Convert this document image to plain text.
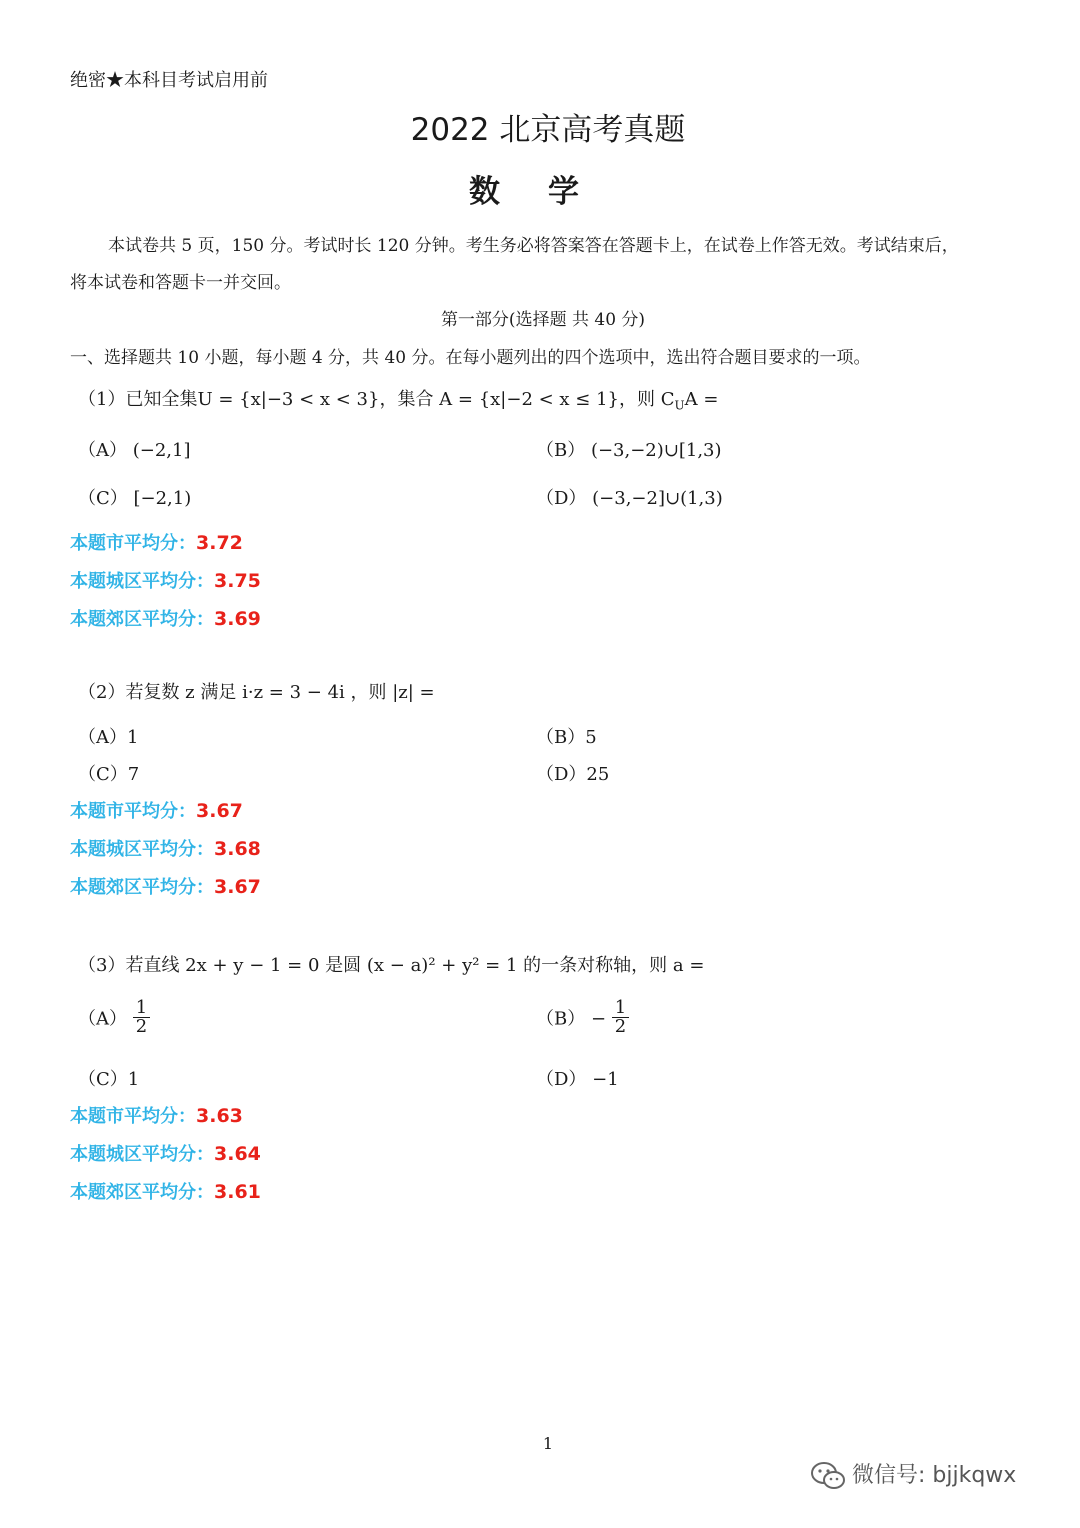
绝密★本科目考试启用前
2022 北京高考真题
数学
本试卷共 5 页，150 分。考试时长 120 分钟。考生务必将答案答在答题卡上，在试卷上作答无效。考试结束后，
将本试卷和答题卡一并交回。
第一部分(选择题 共 40 分)
一、选择题共 10 小题，每小题 4 分，共 40 分。在每小题列出的四个选项中，选出符合题目要求的一项。
（1）已知全集U = {x|−3 < x < 3}，集合 A = {x|−2 < x ≤ 1}，则 $C_UA$ =
（A） (−2,1]	（B） (−3,−2)∪[1,3)
（C） [−2,1)	（D） (−3,−2]∪(1,3)
本题市平均分：3.72
本题城区平均分：3.75
本题郊区平均分：3.69
（2）若复数 z 满足 i·z = 3 − 4i ，则 |z| =
（A）1	（B）5
（C）7	（D）25
本题市平均分：3.67
本题城区平均分：3.68
本题郊区平均分：3.67
（3）若直线 2x + y − 1 = 0 是圆 (x − a)² + y² = 1 的一条对称轴，则 a =
$(A) \frac{1}{2}$	$(B) - \frac{1}{2}$
（C）1	（D） −1
本题市平均分：3.63
本题城区平均分：3.64
本题郊区平均分：3.61
1
微信号: bjjkqwx
